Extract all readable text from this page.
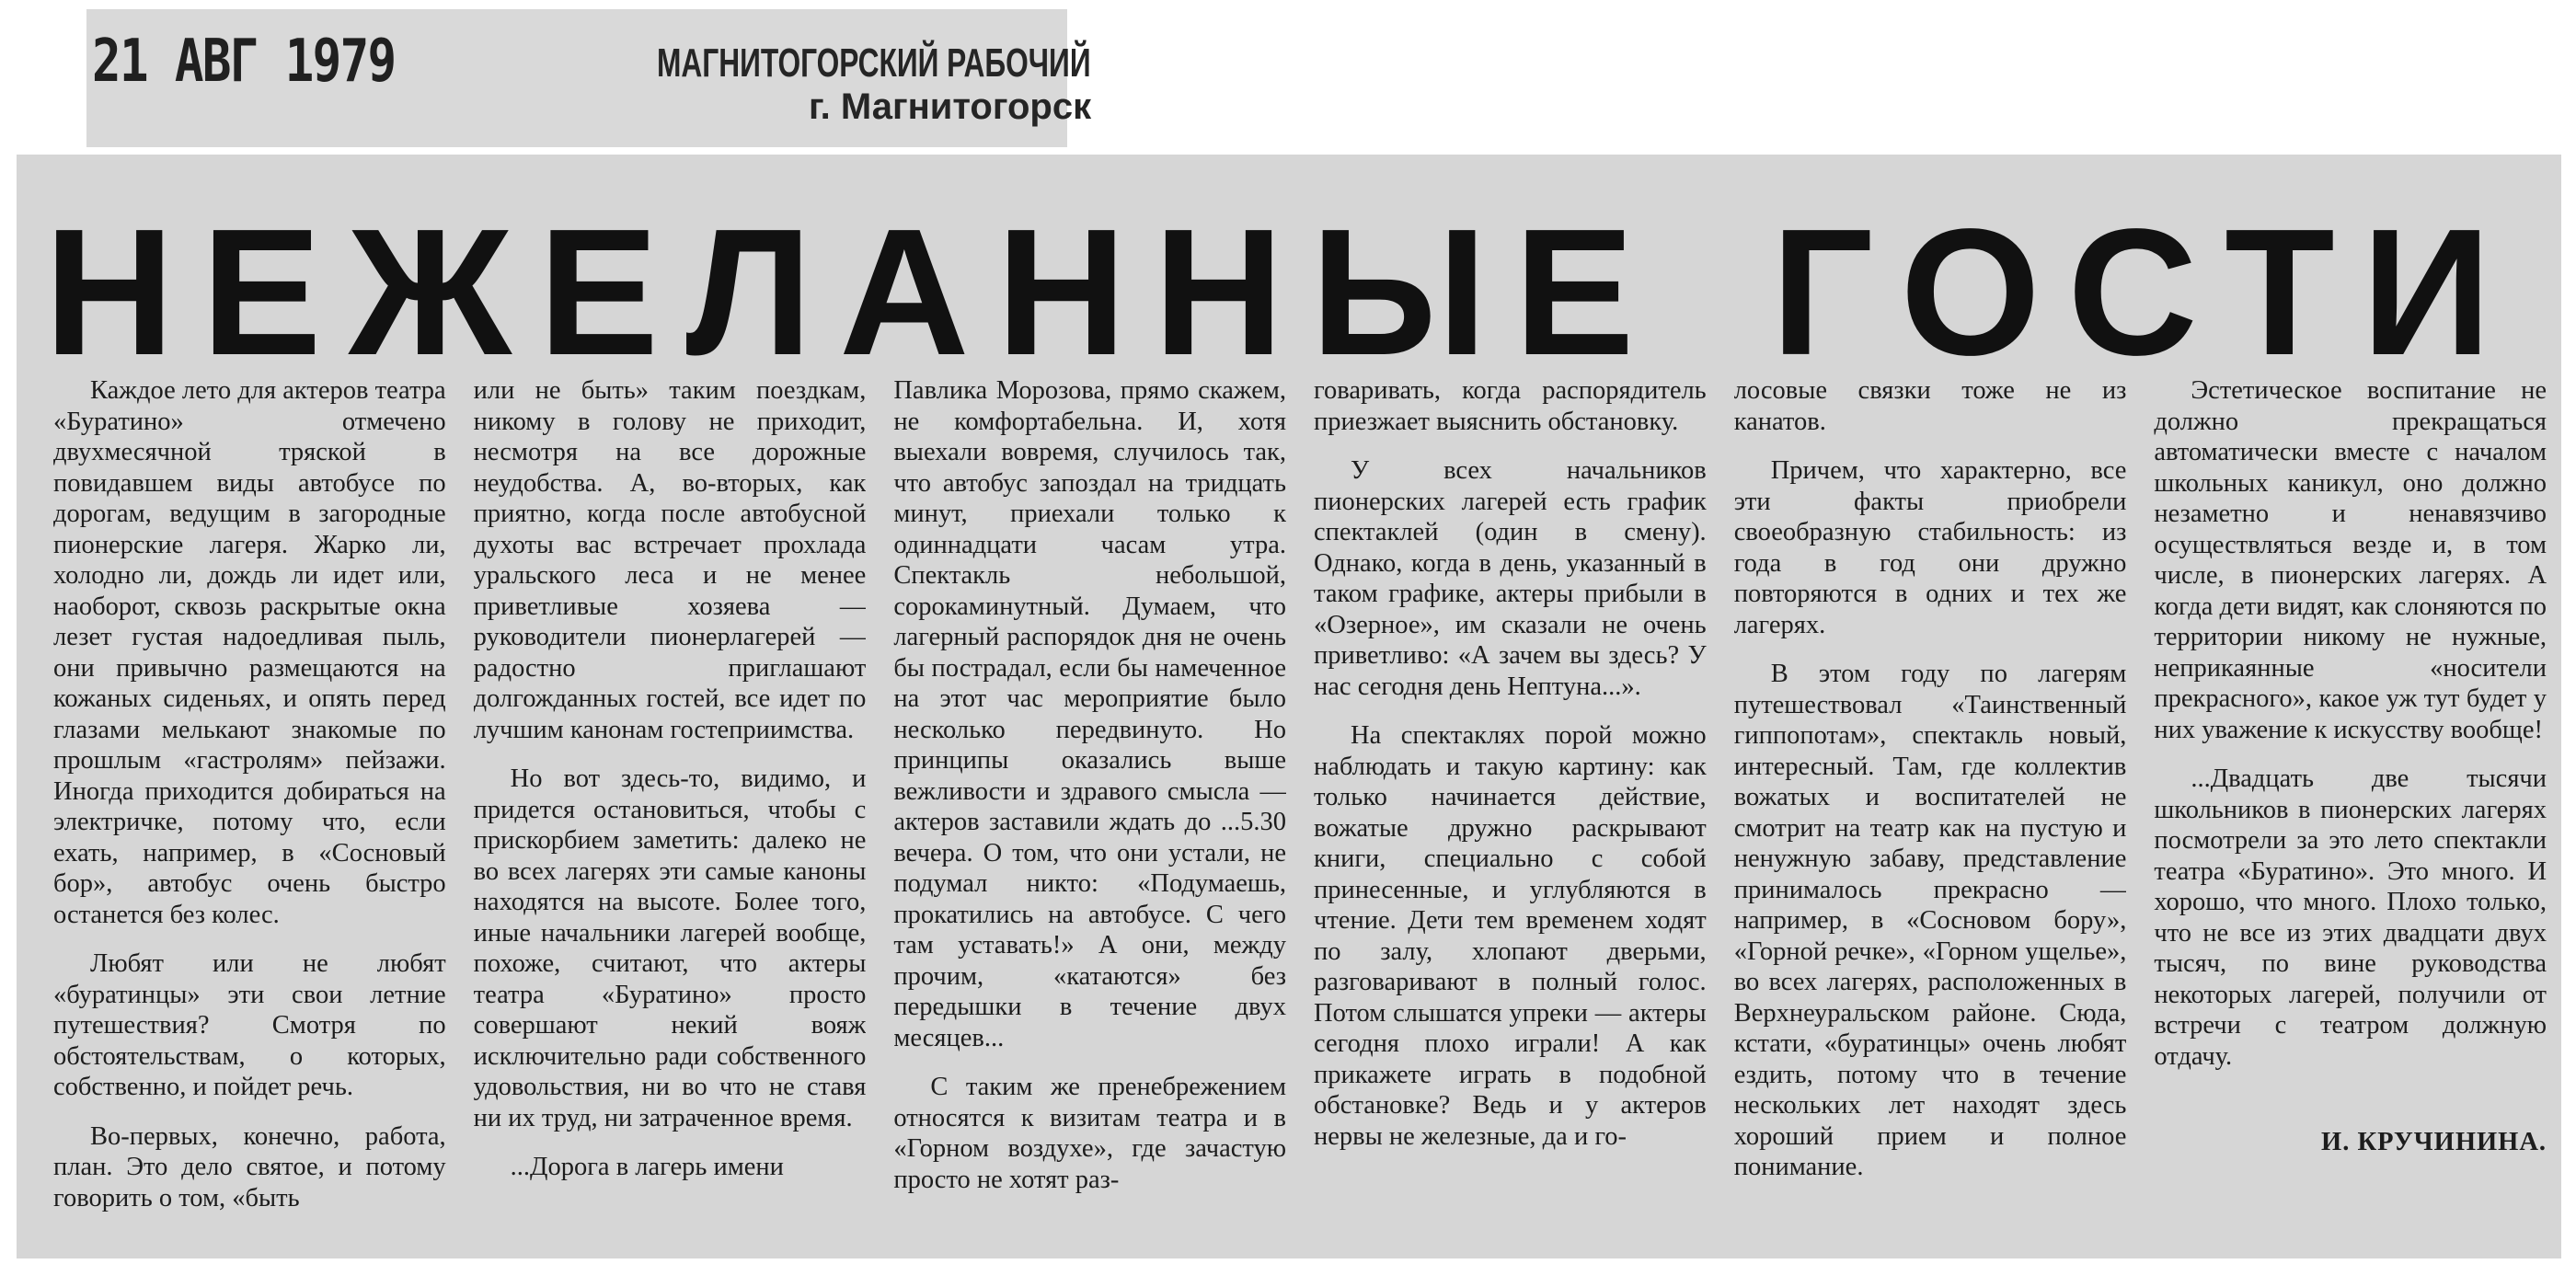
21 АВГ 1979	МАГНИТОГОРСКИЙ РАБОЧИЙ
г. Магнитогорск
Н Е Ж Е Л А Н Н Ы Е Г О С Т И

Каждое лето для актеров театра «Буратино» отмечено двухмесячной тряской в повидавшем виды автобусе по дорогам, ведущим в загородные пионерские лагеря. Жарко ли, холодно ли, дождь ли идет или, наоборот, сквозь раскрытые окна лезет густая надоедливая пыль, они привычно размещаются на кожаных сиденьях, и опять перед глазами мелькают знакомые по прошлым «гастролям» пейзажи. Иногда приходится добираться на электричке, потому что, если ехать, например, в «Сосновый бор», автобус очень быстро останется без колес.

Любят или не любят «буратинцы» эти свои летние путешествия? Смотря по обстоятельствам, о которых, собственно, и пойдет речь.

Во-первых, конечно, работа, план. Это дело святое, и потому говорить о том, «быть

или не быть» таким поездкам, никому в голову не приходит, несмотря на все дорожные неудобства. А, во-вторых, как приятно, когда после автобусной духоты вас встречает прохлада уральского леса и не менее приветливые хозяева — руководители пионерлагерей — радостно приглашают долгожданных гостей, все идет по лучшим канонам гостеприимства.

Но вот здесь-то, видимо, и придется остановиться, чтобы с прискорбием заметить: далеко не во всех лагерях эти самые каноны находятся на высоте. Более того, иные начальники лагерей вообще, похоже, считают, что актеры театра «Буратино» просто совершают некий вояж исключительно ради собственного удовольствия, ни во что не ставя ни их труд, ни затраченное время.

...Дорога в лагерь имени

Павлика Морозова, прямо скажем, не комфортабельна. И, хотя выехали вовремя, случилось так, что автобус запоздал на тридцать минут, приехали только к одиннадцати часам утра. Спектакль небольшой, сорокаминутный. Думаем, что лагерный распорядок дня не очень бы пострадал, если бы намеченное на этот час мероприятие было несколько передвинуто. Но принципы оказались выше вежливости и здравого смысла — актеров заставили ждать до ...5.30 вечера. О том, что они устали, не подумал никто: «Подумаешь, прокатились на автобусе. С чего там уставать!» А они, между прочим, «катаются» без передышки в течение двух месяцев...

С таким же пренебрежением относятся к визитам театра и в «Горном воздухе», где зачастую просто не хотят раз-

говаривать, когда распорядитель приезжает выяснить обстановку.

У всех начальников пионерских лагерей есть график спектаклей (один в смену). Однако, когда в день, указанный в таком графике, актеры прибыли в «Озерное», им сказали не очень приветливо: «А зачем вы здесь? У нас сегодня день Нептуна...».

На спектаклях порой можно наблюдать и такую картину: как только начинается действие, вожатые дружно раскрывают книги, специально с собой принесенные, и углубляются в чтение. Дети тем временем ходят по залу, хлопают дверьми, разговаривают в полный голос. Потом слышатся упреки — актеры сегодня плохо играли! А как прикажете играть в подобной обстановке? Ведь и у актеров нервы не железные, да и го-

лосовые связки тоже не из канатов.

Причем, что характерно, все эти факты приобрели своеобразную стабильность: из года в год они дружно повторяются в одних и тех же лагерях.

В этом году по лагерям путешествовал «Таинственный гиппопотам», спектакль новый, интересный. Там, где коллектив вожатых и воспитателей не смотрит на театр как на пустую и ненужную забаву, представление принималось прекрасно — например, в «Сосновом бору», «Горной речке», «Горном ущелье», во всех лагерях, расположенных в Верхнеуральском районе. Сюда, кстати, «буратинцы» очень любят ездить, потому что в течение нескольких лет находят здесь хороший прием и полное понимание.

Эстетическое воспитание не должно прекращаться автоматически вместе с началом школьных каникул, оно должно незаметно и ненавязчиво осуществляться везде и, в том числе, в пионерских лагерях. А когда дети видят, как слоняются по территории никому не нужные, неприкаянные «носители прекрасного», какое уж тут будет у них уважение к искусству вообще!

...Двадцать две тысячи школьников в пионерских лагерях посмотрели за это лето спектакли театра «Буратино». Это много. И хорошо, что много. Плохо только, что не все из этих двадцати двух тысяч, по вине руководства некоторых лагерей, получили от встречи с театром должную отдачу.

И. КРУЧИНИНА.
